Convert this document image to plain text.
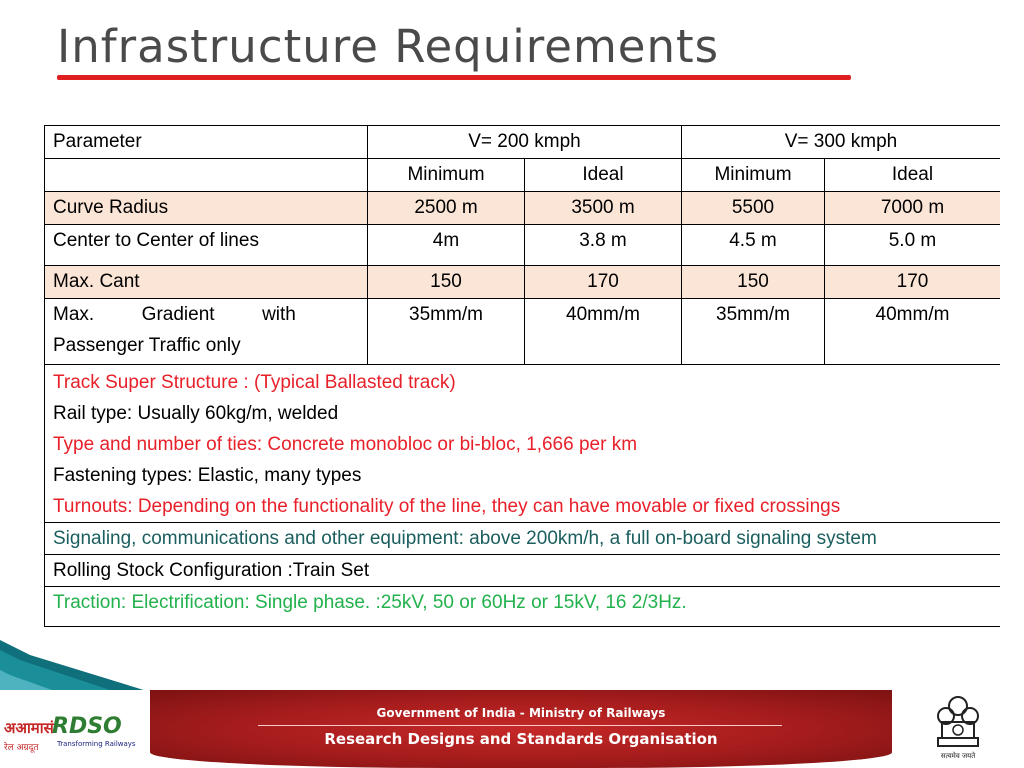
Infrastructure Requirements
Parameter	V= 200 kmph		V= 300 kmph	
	Minimum	Ideal	Minimum	Ideal
Curve Radius	2500 m	3500 m	5500	7000 m
Center to Center of lines	4m	3.8 m	4.5 m	5.0 m
Max. Cant	150	170	150	170

Max.         Gradient         with
Passenger Traffic only	35mm/m	40mm/m	35mm/m	40mm/m

Track Super Structure : (Typical Ballasted track)
Rail type: Usually 60kg/m, welded
Type and number of ties: Concrete monobloc or bi-bloc, 1,666 per km
Fastening types: Elastic, many types
Turnouts: Depending on the functionality of the line, they can have movable or fixed crossings				

Signaling, communications and other equipment: above 200km/h, a full on-board signaling system				
Rolling Stock Configuration :Train Set				
Traction: Electrification: Single phase. :25kV, 50 or 60Hz or 15kV, 16 2/3Hz.				
अआमासं
RDSO
रेल अग्रदूत	Transforming Railways
Government of India - Ministry of Railways
Research Designs and Standards Organisation
सत्यमेव जयते
